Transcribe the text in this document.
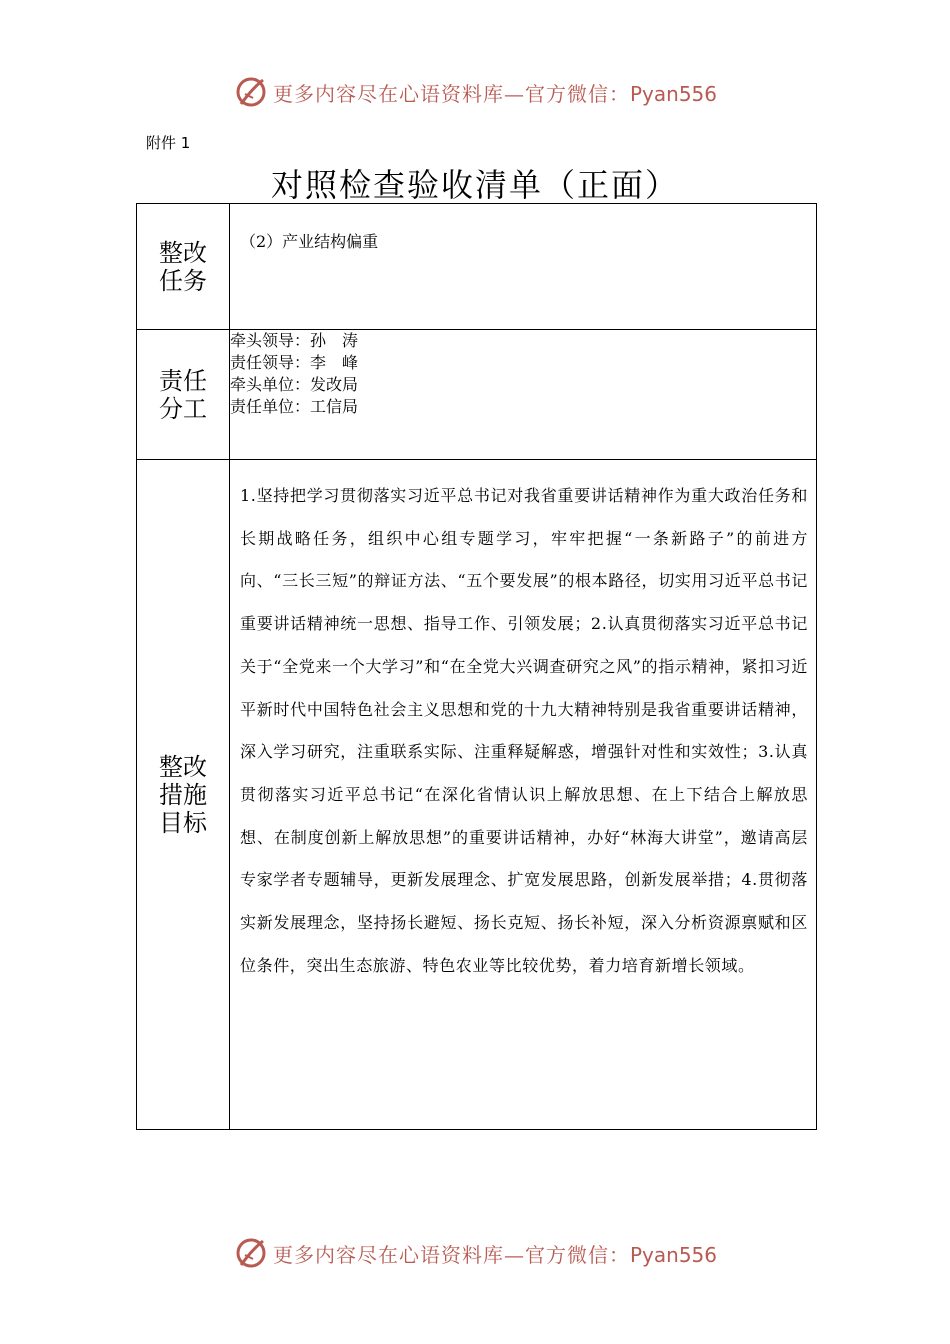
更多内容尽在心语资料库—官方微信：Pyan556
附件 1
对照检查验收清单（正面）
整改任务	（2）产业结构偏重

责任分工	牵头领导：孙　涛
责任领导：李　峰
牵头单位：发改局
责任单位：工信局

整改措施目标	1.坚持把学习贯彻落实习近平总书记对我省重要讲话精神作为重大政治任务和长期战略任务，组织中心组专题学习，牢牢把握“一条新路子”的前进方向、“三长三短”的辩证方法、“五个要发展”的根本路径，切实用习近平总书记重要讲话精神统一思想、指导工作、引领发展；2.认真贯彻落实习近平总书记关于“全党来一个大学习”和“在全党大兴调查研究之风”的指示精神，紧扣习近平新时代中国特色社会主义思想和党的十九大精神特别是我省重要讲话精神，深入学习研究，注重联系实际、注重释疑解惑，增强针对性和实效性；3.认真贯彻落实习近平总书记“在深化省情认识上解放思想、在上下结合上解放思想、在制度创新上解放思想”的重要讲话精神，办好“林海大讲堂”，邀请高层专家学者专题辅导，更新发展理念、扩宽发展思路，创新发展举措；4.贯彻落实新发展理念，坚持扬长避短、扬长克短、扬长补短，深入分析资源禀赋和区位条件，突出生态旅游、特色农业等比较优势，着力培育新增长领域。
更多内容尽在心语资料库—官方微信：Pyan556
